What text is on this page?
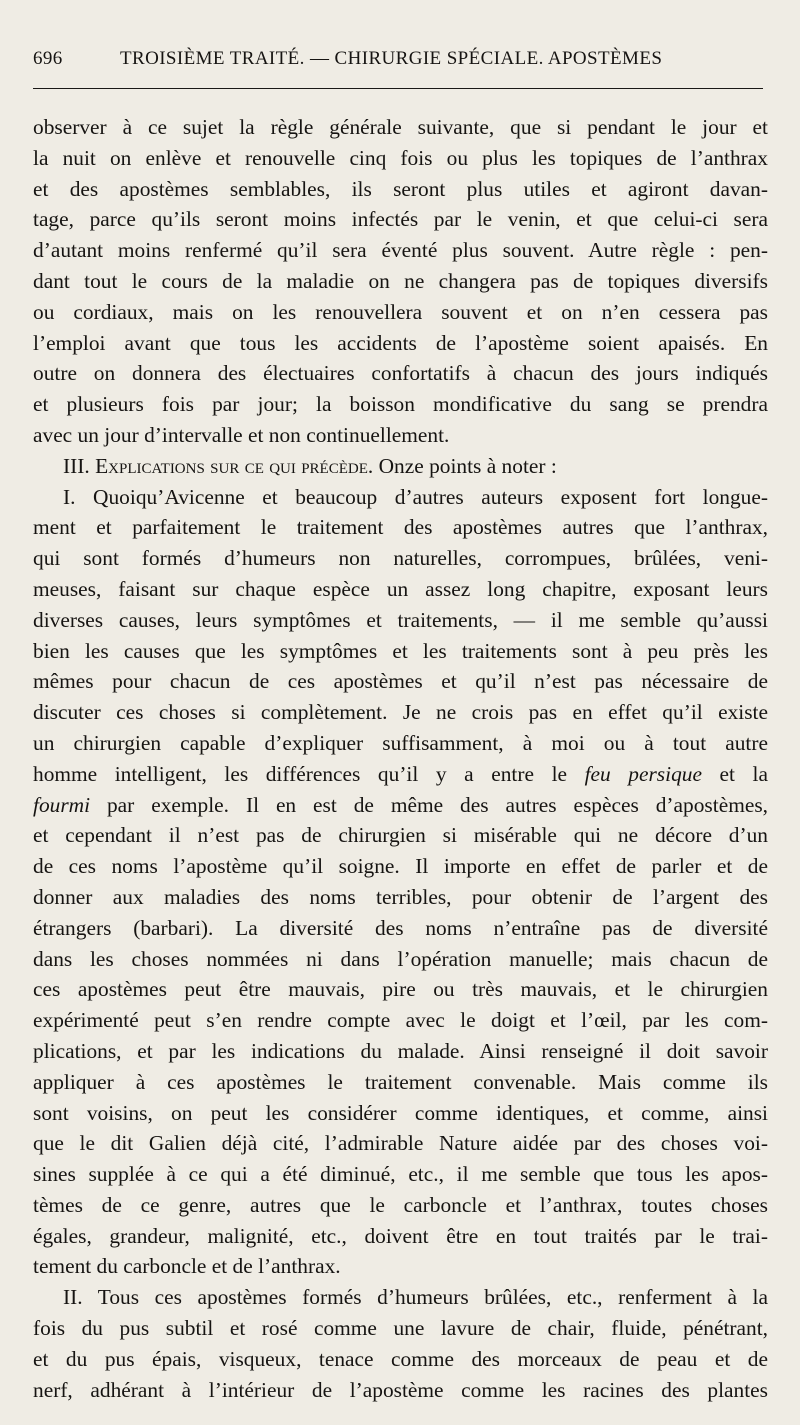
696	TROISIÈME TRAITÉ. — CHIRURGIE SPÉCIALE. APOSTÈMES
observer à ce sujet la règle générale suivante, que si pendant le jour et
la nuit on enlève et renouvelle cinq fois ou plus les topiques de l’anthrax
et des apostèmes semblables, ils seront plus utiles et agiront davan-
tage, parce qu’ils seront moins infectés par le venin, et que celui-ci sera
d’autant moins renfermé qu’il sera éventé plus souvent. Autre règle : pen-
dant tout le cours de la maladie on ne changera pas de topiques diversifs
ou cordiaux, mais on les renouvellera souvent et on n’en cessera pas
l’emploi avant que tous les accidents de l’apostème soient apaisés. En
outre on donnera des électuaires confortatifs à chacun des jours indiqués
et plusieurs fois par jour; la boisson mondificative du sang se prendra
avec un jour d’intervalle et non continuellement.
III. Explications sur ce qui précède. Onze points à noter :
I. Quoiqu’Avicenne et beaucoup d’autres auteurs exposent fort longue-
ment et parfaitement le traitement des apostèmes autres que l’anthrax,
qui sont formés d’humeurs non naturelles, corrompues, brûlées, veni-
meuses, faisant sur chaque espèce un assez long chapitre, exposant leurs
diverses causes, leurs symptômes et traitements, — il me semble qu’aussi
bien les causes que les symptômes et les traitements sont à peu près les
mêmes pour chacun de ces apostèmes et qu’il n’est pas nécessaire de
discuter ces choses si complètement. Je ne crois pas en effet qu’il existe
un chirurgien capable d’expliquer suffisamment, à moi ou à tout autre
homme intelligent, les différences qu’il y a entre le feu persique et la
fourmi par exemple. Il en est de même des autres espèces d’apostèmes,
et cependant il n’est pas de chirurgien si misérable qui ne décore d’un
de ces noms l’apostème qu’il soigne. Il importe en effet de parler et de
donner aux maladies des noms terribles, pour obtenir de l’argent des
étrangers (barbari). La diversité des noms n’entraîne pas de diversité
dans les choses nommées ni dans l’opération manuelle; mais chacun de
ces apostèmes peut être mauvais, pire ou très mauvais, et le chirurgien
expérimenté peut s’en rendre compte avec le doigt et l’œil, par les com-
plications, et par les indications du malade. Ainsi renseigné il doit savoir
appliquer à ces apostèmes le traitement convenable. Mais comme ils
sont voisins, on peut les considérer comme identiques, et comme, ainsi
que le dit Galien déjà cité, l’admirable Nature aidée par des choses voi-
sines supplée à ce qui a été diminué, etc., il me semble que tous les apos-
tèmes de ce genre, autres que le carboncle et l’anthrax, toutes choses
égales, grandeur, malignité, etc., doivent être en tout traités par le trai-
tement du carboncle et de l’anthrax.
II. Tous ces apostèmes formés d’humeurs brûlées, etc., renferment à la
fois du pus subtil et rosé comme une lavure de chair, fluide, pénétrant,
et du pus épais, visqueux, tenace comme des morceaux de peau et de
nerf, adhérant à l’intérieur de l’apostème comme les racines des plantes
